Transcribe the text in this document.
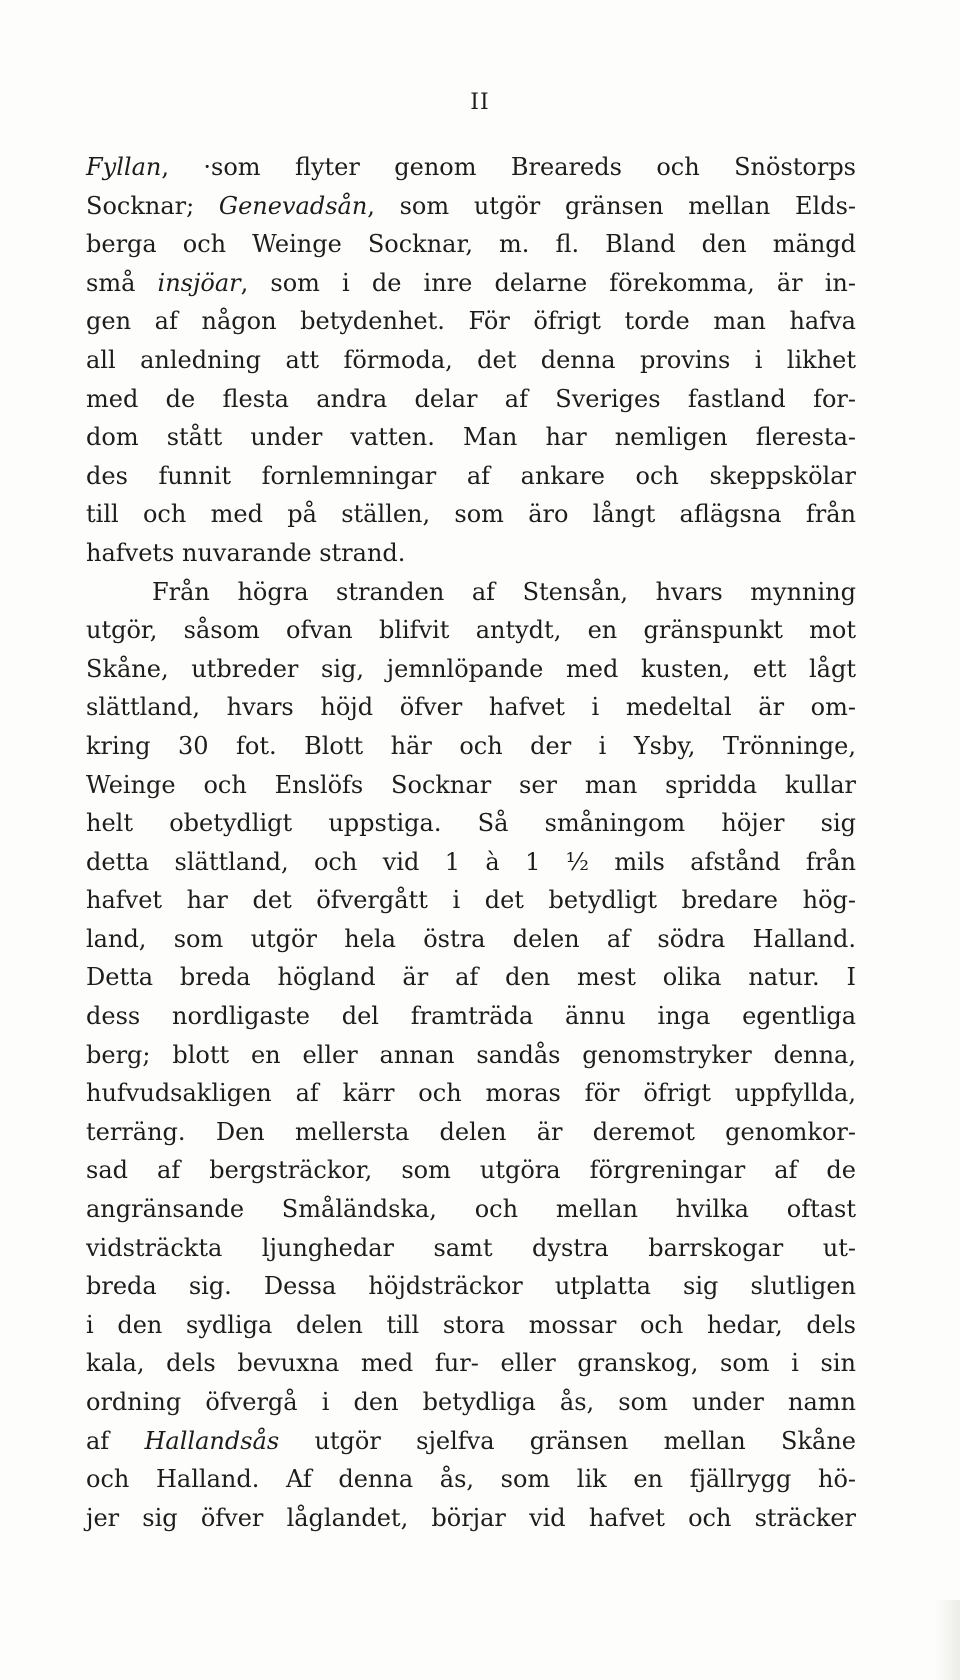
II
Fyllan, ·som flyter genom Breareds och Snöstorps
Socknar; Genevadsån, som utgör gränsen mellan Elds-
berga och Weinge Socknar, m. fl. Bland den mängd
små insjöar, som i de inre delarne förekomma, är in-
gen af någon betydenhet. För öfrigt torde man hafva
all anledning att förmoda, det denna provins i likhet
med de flesta andra delar af Sveriges fastland for-
dom stått under vatten. Man har nemligen fleresta-
des funnit fornlemningar af ankare och skeppskölar
till och med på ställen, som äro långt aflägsna från
hafvets nuvarande strand.
Från högra stranden af Stensån, hvars mynning
utgör, såsom ofvan blifvit antydt, en gränspunkt mot
Skåne, utbreder sig, jemnlöpande med kusten, ett lågt
slättland, hvars höjd öfver hafvet i medeltal är om-
kring 30 fot. Blott här och der i Ysby, Trönninge,
Weinge och Enslöfs Socknar ser man spridda kullar
helt obetydligt uppstiga. Så småningom höjer sig
detta slättland, och vid 1 à 1 ½ mils afstånd från
hafvet har det öfvergått i det betydligt bredare hög-
land, som utgör hela östra delen af södra Halland.
Detta breda högland är af den mest olika natur. I
dess nordligaste del framträda ännu inga egentliga
berg; blott en eller annan sandås genomstryker denna,
hufvudsakligen af kärr och moras för öfrigt uppfyllda,
terräng. Den mellersta delen är deremot genomkor-
sad af bergsträckor, som utgöra förgreningar af de
angränsande Småländska, och mellan hvilka oftast
vidsträckta ljunghedar samt dystra barrskogar ut-
breda sig. Dessa höjdsträckor utplatta sig slutligen
i den sydliga delen till stora mossar och hedar, dels
kala, dels bevuxna med fur- eller granskog, som i sin
ordning öfvergå i den betydliga ås, som under namn
af Hallandsås utgör sjelfva gränsen mellan Skåne
och Halland. Af denna ås, som lik en fjällrygg hö-
jer sig öfver låglandet, börjar vid hafvet och sträcker
